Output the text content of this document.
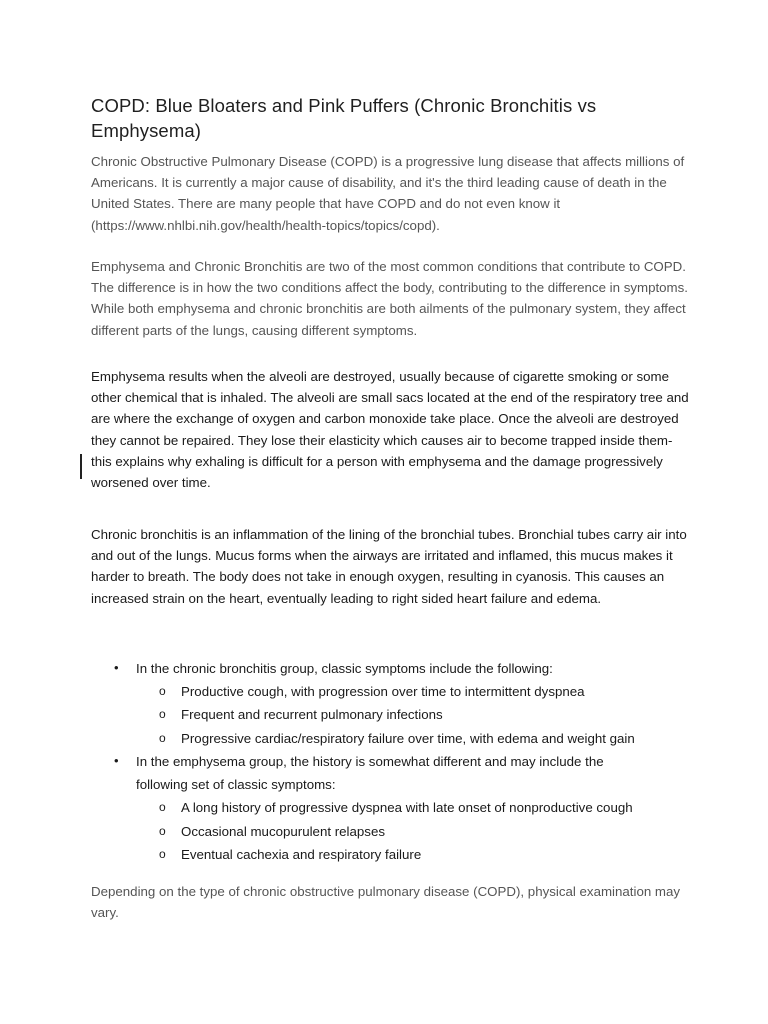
COPD: Blue Bloaters and Pink Puffers (Chronic Bronchitis vs Emphysema)

Chronic Obstructive Pulmonary Disease (COPD) is a progressive lung disease that affects millions of Americans. It is currently a major cause of disability, and it's the third leading cause of death in the United States. There are many people that have COPD and do not even know it (https://www.nhlbi.nih.gov/health/health-topics/topics/copd).

Emphysema and Chronic Bronchitis are two of the most common conditions that contribute to COPD. The difference is in how the two conditions affect the body, contributing to the difference in symptoms. While both emphysema and chronic bronchitis are both ailments of the pulmonary system, they affect different parts of the lungs, causing different symptoms.

Emphysema results when the alveoli are destroyed, usually because of cigarette smoking or some other chemical that is inhaled. The alveoli are small sacs located at the end of the respiratory tree and are where the exchange of oxygen and carbon monoxide take place. Once the alveoli are destroyed they cannot be repaired. They lose their elasticity which causes air to become trapped inside them- this explains why exhaling is difficult for a person with emphysema and the damage progressively worsened over time.

Chronic bronchitis is an inflammation of the lining of the bronchial tubes. Bronchial tubes carry air into and out of the lungs. Mucus forms when the airways are irritated and inflamed, this mucus makes it harder to breath. The body does not take in enough oxygen, resulting in cyanosis. This causes an increased strain on the heart, eventually leading to right sided heart failure and edema.

• In the chronic bronchitis group, classic symptoms include the following:
o Productive cough, with progression over time to intermittent dyspnea
o Frequent and recurrent pulmonary infections
o Progressive cardiac/respiratory failure over time, with edema and weight gain
• In the emphysema group, the history is somewhat different and may include the
following set of classic symptoms:
o A long history of progressive dyspnea with late onset of nonproductive cough
o Occasional mucopurulent relapses
o Eventual cachexia and respiratory failure

Depending on the type of chronic obstructive pulmonary disease (COPD), physical examination may vary.
